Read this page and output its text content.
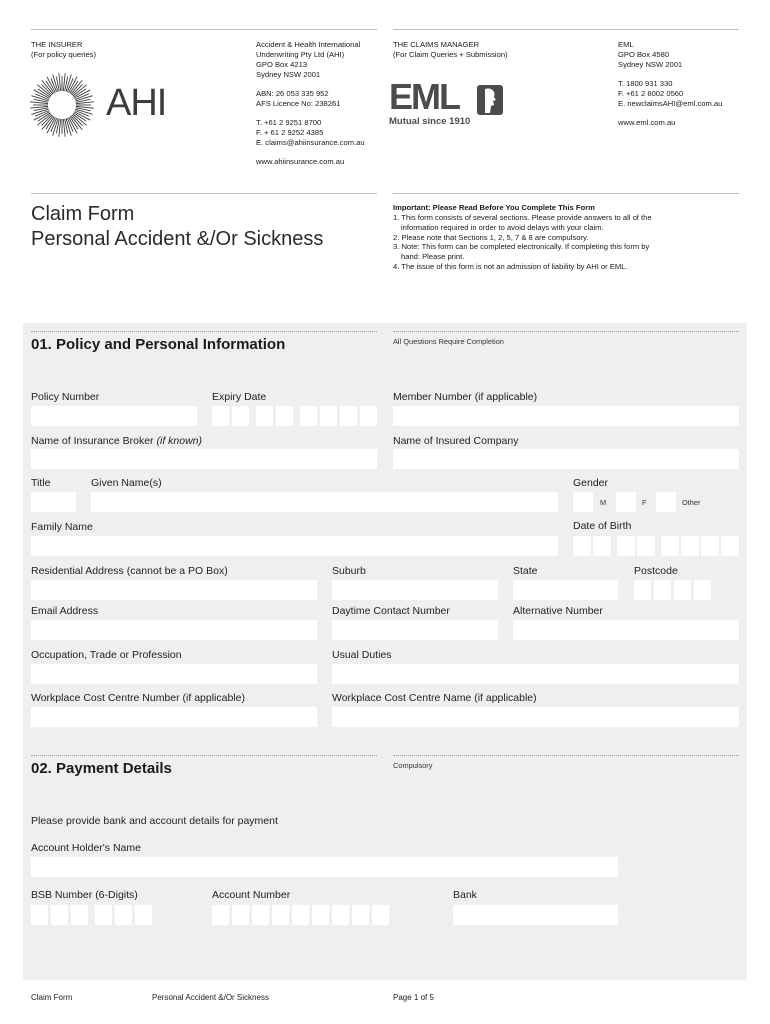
THE INSURER
(For policy queries)
AHI
Accident & Health International
Underwriting Pty Ltd (AHI)
GPO Box 4213
Sydney NSW 2001
ABN: 26 053 335 952
AFS Licence No: 238261
T. +61 2 9251 8700
F. + 61 2 9252 4385
E. claims@ahiinsurance.com.au
www.ahiinsurance.com.au
THE CLAIMS MANAGER
(For Claim Queries + Submission)
EML
Mutual since 1910
EML
GPO Box 4580
Sydney NSW 2001
T. 1800 931 330
F. +61 2 8002 0560
E. newclaimsAHI@eml.com.au
www.eml.com.au
Claim Form
Personal Accident &/Or Sickness
Important: Please Read Before You Complete This Form
1. This form consists of several sections. Please provide answers to all of the
information required in order to avoid delays with your claim.
2. Please note that Sections 1, 2, 5, 7 & 8 are compulsory.
3. Note: This form can be completed electronically. If completing this form by
hand: Please print.
4. The issue of this form is not an admission of liability by AHI or EML.
01. Policy and Personal Information	All Questions Require Completion
Policy Number	Expiry Date	Member Number (if applicable)
Name of Insurance Broker (if known)	Name of Insured Company
Title	Given Name(s)	Gender
M	F	Other
Family Name	Date of Birth
Residential Address (cannot be a PO Box)	Suburb	State	Postcode
Email Address	Daytime Contact Number	Alternative Number
Occupation, Trade or Profession	Usual Duties
Workplace Cost Centre Number (if applicable)	Workplace Cost Centre Name (if applicable)
02. Payment Details	Compulsory
Please provide bank and account details for payment
Account Holder's Name
BSB Number (6-Digits)	Account Number	Bank
Claim Form	Personal Accident &/Or Sickness	Page 1 of 5
